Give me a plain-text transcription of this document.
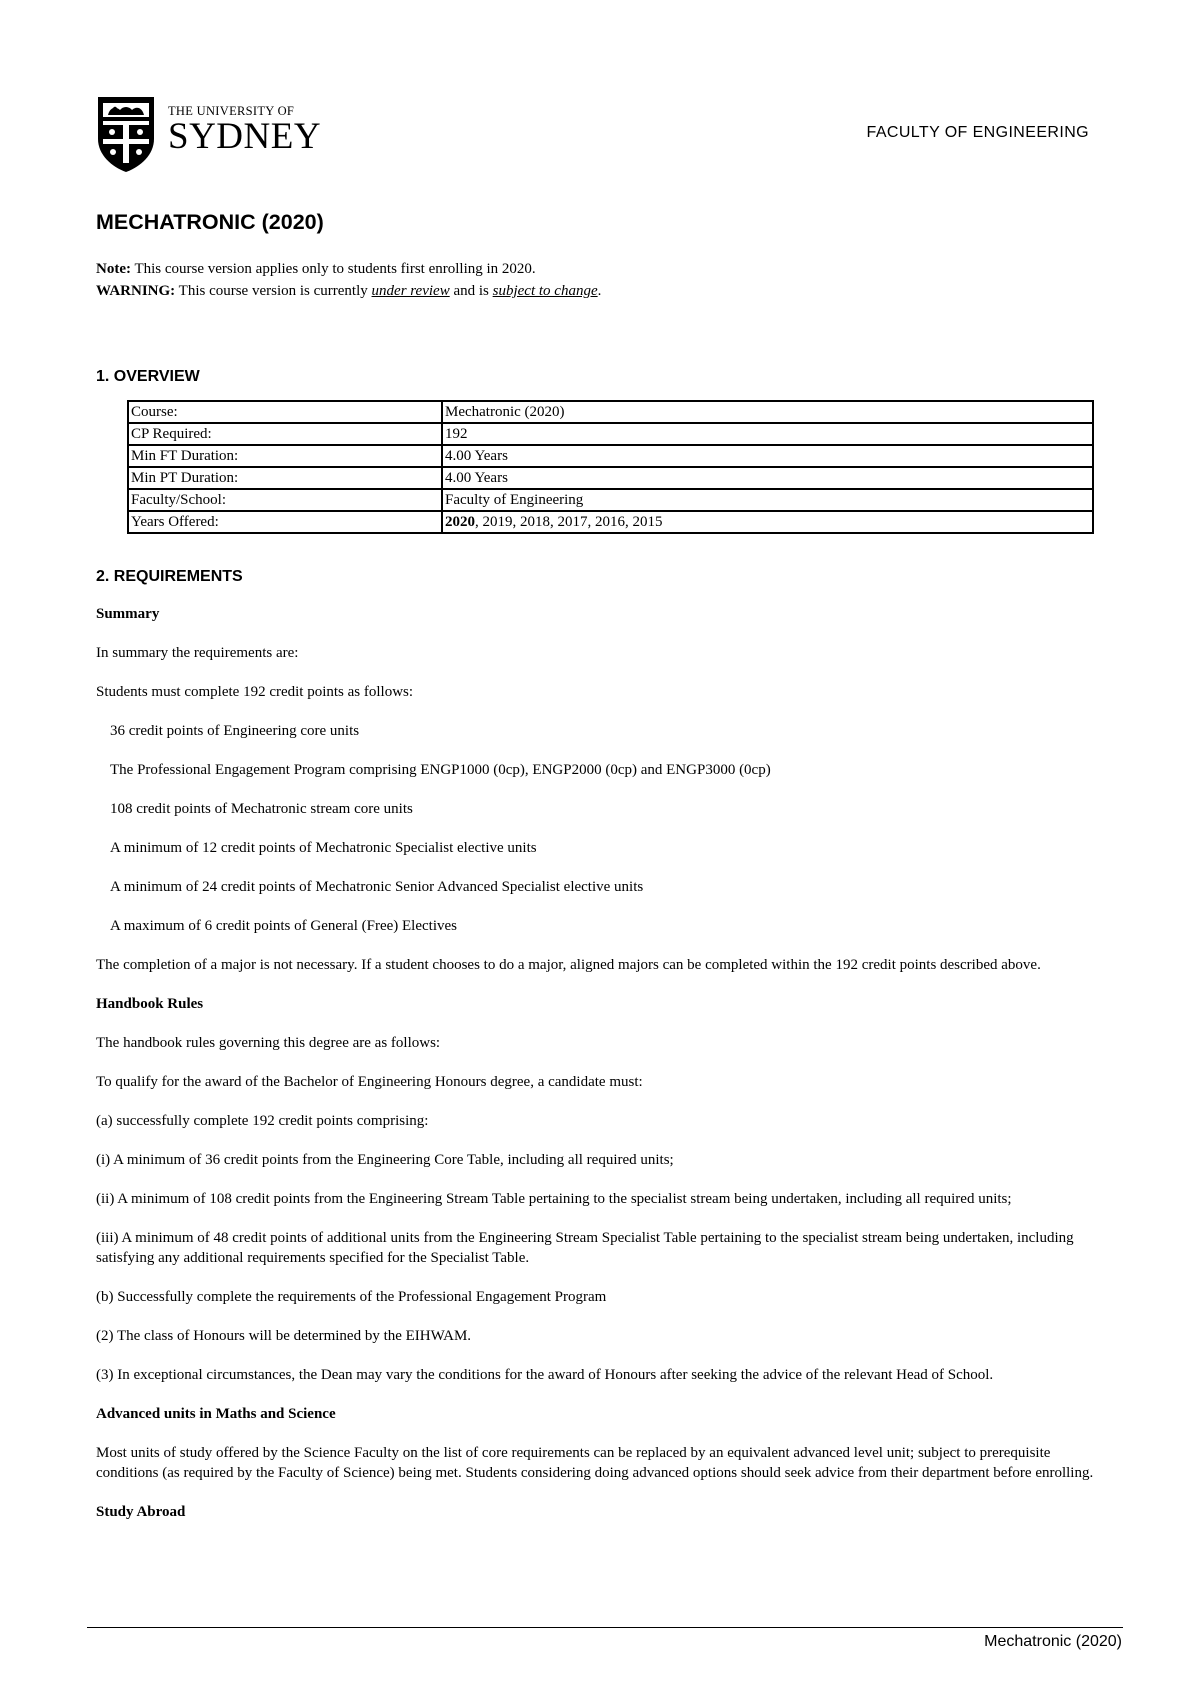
THE UNIVERSITY OF
SYDNEY	FACULTY OF ENGINEERING
MECHATRONIC (2020)
Note: This course version applies only to students first enrolling in 2020.
WARNING: This course version is currently under review and is subject to change.
1. OVERVIEW
Course:	Mechatronic (2020)
CP Required:	192
Min FT Duration:	4.00 Years
Min PT Duration:	4.00 Years
Faculty/School:	Faculty of Engineering
Years Offered:	2020, 2019, 2018, 2017, 2016, 2015
2. REQUIREMENTS

Summary

In summary the requirements are:

Students must complete 192 credit points as follows:

36 credit points of Engineering core units

The Professional Engagement Program comprising ENGP1000 (0cp), ENGP2000 (0cp) and ENGP3000 (0cp)

108 credit points of Mechatronic stream core units

A minimum of 12 credit points of Mechatronic Specialist elective units

A minimum of 24 credit points of Mechatronic Senior Advanced Specialist elective units

A maximum of 6 credit points of General (Free) Electives

The completion of a major is not necessary. If a student chooses to do a major, aligned majors can be completed within the 192 credit points described above.

Handbook Rules

The handbook rules governing this degree are as follows:

To qualify for the award of the Bachelor of Engineering Honours degree, a candidate must:

(a) successfully complete 192 credit points comprising:

(i) A minimum of 36 credit points from the Engineering Core Table, including all required units;

(ii) A minimum of 108 credit points from the Engineering Stream Table pertaining to the specialist stream being undertaken, including all required units;

(iii) A minimum of 48 credit points of additional units from the Engineering Stream Specialist Table pertaining to the specialist stream being undertaken, including satisfying any additional requirements specified for the Specialist Table.

(b) Successfully complete the requirements of the Professional Engagement Program

(2) The class of Honours will be determined by the EIHWAM.

(3) In exceptional circumstances, the Dean may vary the conditions for the award of Honours after seeking the advice of the relevant Head of School.

Advanced units in Maths and Science

Most units of study offered by the Science Faculty on the list of core requirements can be replaced by an equivalent advanced level unit; subject to prerequisite conditions (as required by the Faculty of Science) being met. Students considering doing advanced options should seek advice from their department before enrolling.

Study Abroad

Mechatronic (2020)
